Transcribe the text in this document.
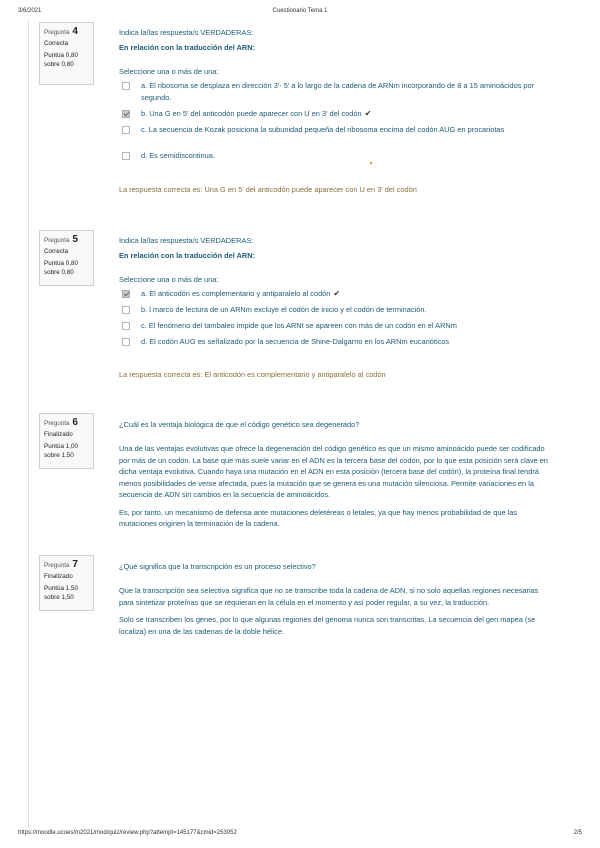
3/6/2021	Cuestionario Tema 1
Pregunta 4
Correcta
Puntúa 0,80 sobre 0,80
Indica la/las respuesta/s VERDADERAS:
En relación con la traducción del ARN:
Seleccione una o más de una:
a. El ribosoma se desplaza en dirección 3'- 5' a lo largo de la cadena de ARNm incorporando de 8 a 15 aminoácidos por segundo.
b. Una G en 5' del anticodón puede aparecer con U en 3' del codón ✔
c. La secuencia de Kozak posiciona la subunidad pequeña del ribosoma encima del codón AUG en procariotas
d. Es semidiscontinua.
La respuesta correcta es: Una G en 5' del anticodón puede aparecer con U en 3' del codón
Pregunta 5
Correcta
Puntúa 0,80 sobre 0,80
Indica la/las respuesta/s VERDADERAS:
En relación con la traducción del ARN:
Seleccione una o más de una:
a. El anticodón es complementario y antiparalelo al codón ✔
b. l marco de lectura de un ARNm excluye el codón de inicio y el codón de terminación.
c. El fenómeno del tambaleo impide que los ARNt se apareen con más de un codón en el ARNm
d. El codón AUG es señalizado por la secuencia de Shine-Dalgarno en los ARNm eucarióticos
La respuesta correcta es: El anticodón es complementario y antiparalelo al codón
Pregunta 6
Finalizado
Puntúa 1,00 sobre 1,50
¿Cuál es la ventaja biológica de que el código genético sea degenerado?
Una de las ventajas evolutivas que ofrece la degeneración del código genético es que un mismo aminoácido puede ser codificado por más de un codón. La base que más suele variar en el ADN es la tercera base del codón, por lo que esta posición será clave en dicha ventaja evolutiva. Cuando haya una mutación en el ADN en esta posición (tercera base del codón), la proteína final tendrá menos posibilidades de verse afectada, pues la mutación que se genera es una mutación silenciosa. Permite variaciones en la secuencia de ADN sin cambios en la secuencia de aminoácidos.
Es, por tanto, un mecanismo de defensa ante mutaciones deletéreas o letales, ya que hay menos probabilidad de que las mutaciones originen la terminación de la cadena.
Pregunta 7
Finalizado
Puntúa 1,50 sobre 1,50
¿Qué significa que la transcripción es un proceso selectivo?
Que la transcripción sea selectiva significa que no se transcribe toda la cadena de ADN, si no solo aquellas regiones necesarias para sintetizar proteínas que se requieran en la célula en el momento y así poder regular, a su vez, la traducción.
Solo se transcriben los genes, por lo que algunas regiones del genoma nunca son transcritas. La secuencia del gen mapea (se localiza) en una de las cadenas de la doble hélice.
https://moodle.ucoes/m2021/mod/quiz/review.php?attempt=145177&cmid=253052	2/5
